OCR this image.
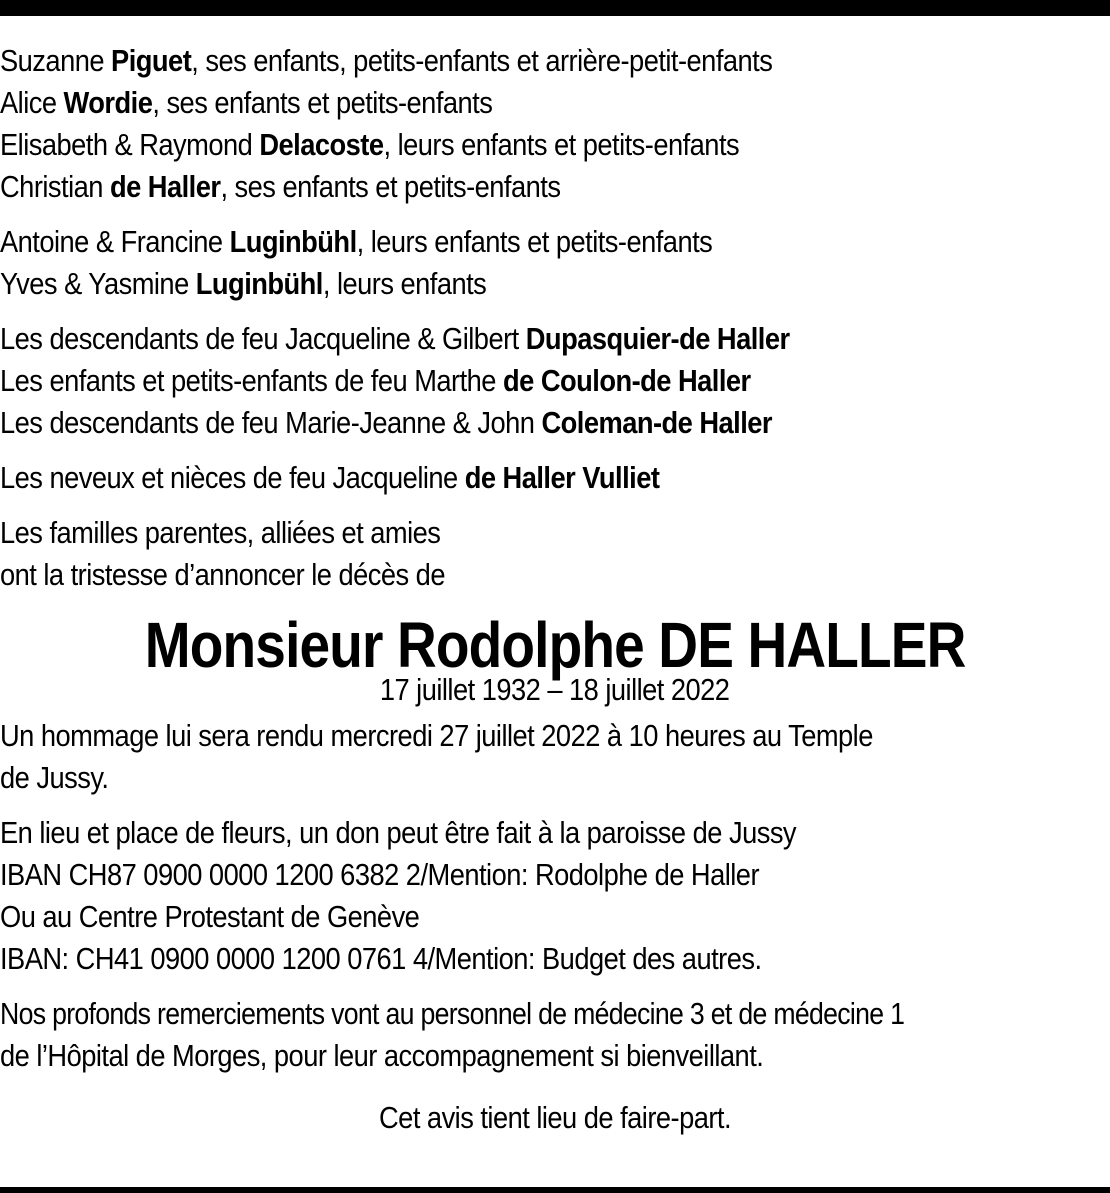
Suzanne Piguet, ses enfants, petits-enfants et arrière-petit-enfants
Alice Wordie, ses enfants et petits-enfants
Elisabeth & Raymond Delacoste, leurs enfants et petits-enfants
Christian de Haller, ses enfants et petits-enfants
Antoine & Francine Luginbühl, leurs enfants et petits-enfants
Yves & Yasmine Luginbühl, leurs enfants
Les descendants de feu Jacqueline & Gilbert Dupasquier-de Haller
Les enfants et petits-enfants de feu Marthe de Coulon-de Haller
Les descendants de feu Marie-Jeanne & John Coleman-de Haller
Les neveux et nièces de feu Jacqueline de Haller Vulliet
Les familles parentes, alliées et amies
ont la tristesse d’annoncer le décès de
Monsieur Rodolphe DE HALLER
17 juillet 1932 – 18 juillet 2022
Un hommage lui sera rendu mercredi 27 juillet 2022 à 10 heures au Temple
de Jussy.
En lieu et place de fleurs, un don peut être fait à la paroisse de Jussy
IBAN CH87 0900 0000 1200 6382 2/Mention: Rodolphe de Haller
Ou au Centre Protestant de Genève
IBAN: CH41 0900 0000 1200 0761 4/Mention: Budget des autres.
Nos profonds remerciements vont au personnel de médecine 3 et de médecine 1
de l’Hôpital de Morges, pour leur accompagnement si bienveillant.
Cet avis tient lieu de faire-part.
